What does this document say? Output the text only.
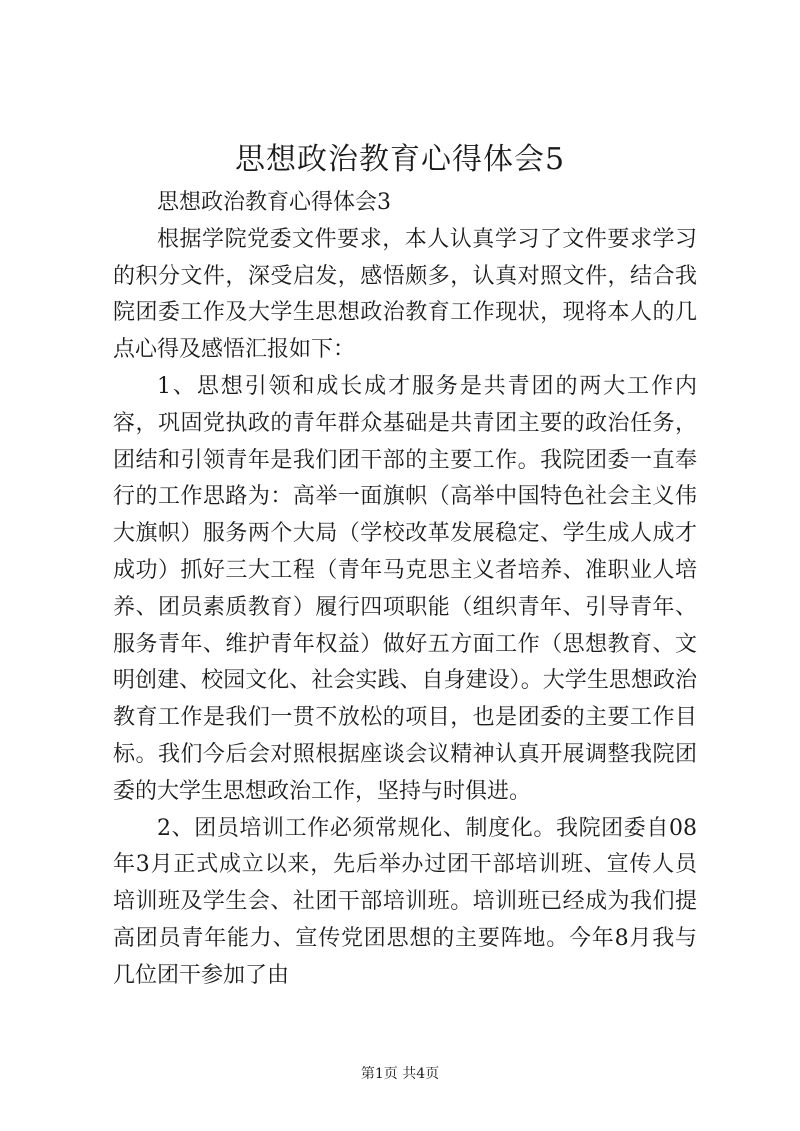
思想政治教育心得体会5

思想政治教育心得体会3

根据学院党委文件要求，本人认真学习了文件要求学习的积分文件，深受启发，感悟颇多，认真对照文件，结合我院团委工作及大学生思想政治教育工作现状，现将本人的几点心得及感悟汇报如下：

1、思想引领和成长成才服务是共青团的两大工作内容，巩固党执政的青年群众基础是共青团主要的政治任务，团结和引领青年是我们团干部的主要工作。我院团委一直奉行的工作思路为：高举一面旗帜（高举中国特色社会主义伟大旗帜）服务两个大局（学校改革发展稳定、学生成人成才成功）抓好三大工程（青年马克思主义者培养、准职业人培养、团员素质教育）履行四项职能（组织青年、引导青年、服务青年、维护青年权益）做好五方面工作（思想教育、文明创建、校园文化、社会实践、自身建设）。大学生思想政治教育工作是我们一贯不放松的项目，也是团委的主要工作目标。我们今后会对照根据座谈会议精神认真开展调整我院团委的大学生思想政治工作，坚持与时俱进。

2、团员培训工作必须常规化、制度化。我院团委自08年3月正式成立以来，先后举办过团干部培训班、宣传人员培训班及学生会、社团干部培训班。培训班已经成为我们提高团员青年能力、宣传党团思想的主要阵地。今年8月我与几位团干参加了由

第1页 共4页
